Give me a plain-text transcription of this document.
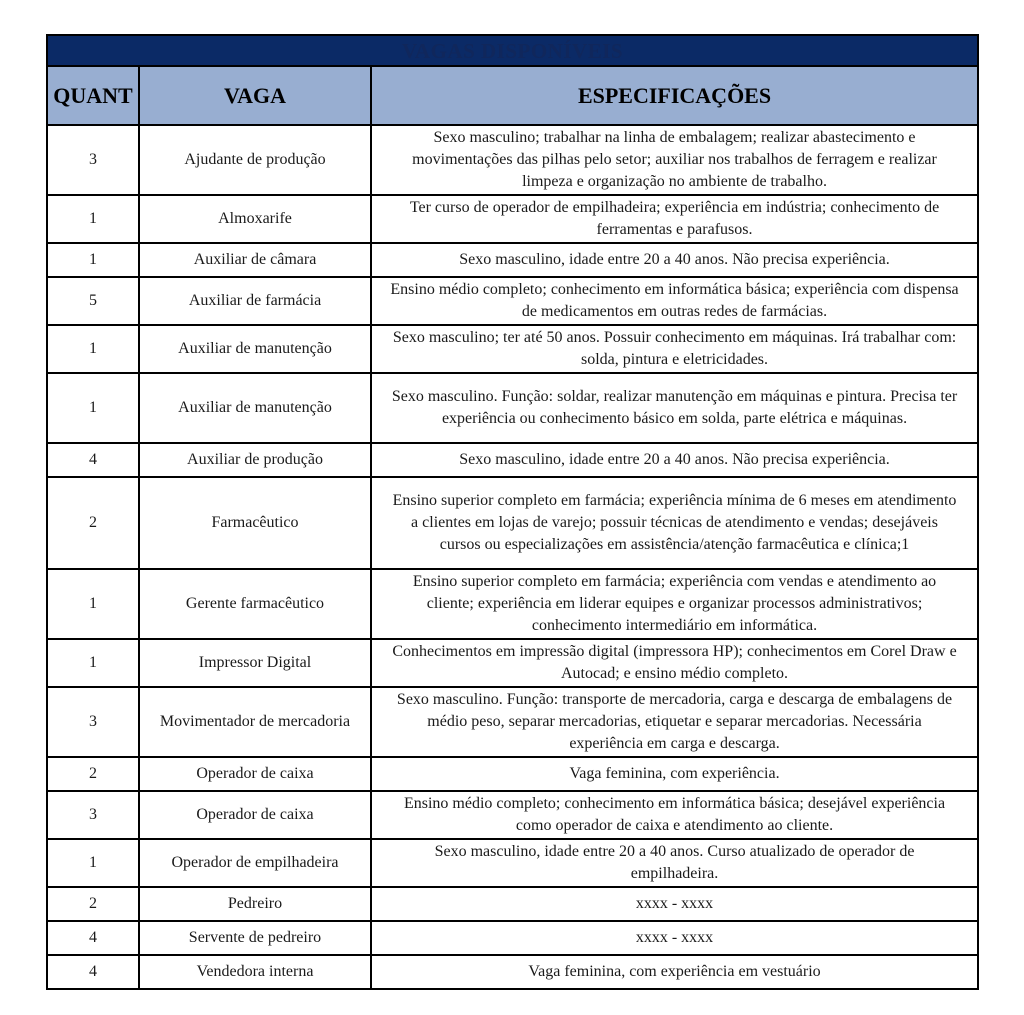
VAGAS DISPONÍVEIS		
QUANT	VAGA	ESPECIFICAÇÕES
3	Ajudante de produção	Sexo masculino; trabalhar na linha de embalagem; realizar abastecimento e movimentações das pilhas pelo setor; auxiliar nos trabalhos de ferragem e realizar limpeza e organização no ambiente de trabalho.
1	Almoxarife	Ter curso de operador de empilhadeira; experiência em indústria; conhecimento de ferramentas e parafusos.
1	Auxiliar de câmara	Sexo masculino, idade entre 20 a 40 anos. Não precisa experiência.
5	Auxiliar de farmácia	Ensino médio completo; conhecimento em informática básica; experiência com dispensa de medicamentos em outras redes de farmácias.
1	Auxiliar de manutenção	Sexo masculino; ter até 50 anos. Possuir conhecimento em máquinas. Irá trabalhar com: solda, pintura e eletricidades.
1	Auxiliar de manutenção	Sexo masculino. Função: soldar, realizar manutenção em máquinas e pintura. Precisa ter experiência ou conhecimento básico em solda, parte elétrica e máquinas.
4	Auxiliar de produção	Sexo masculino, idade entre 20 a 40 anos. Não precisa experiência.
2	Farmacêutico	Ensino superior completo em farmácia; experiência mínima de 6 meses em atendimento a clientes em lojas de varejo; possuir técnicas de atendimento e vendas; desejáveis cursos ou especializações em assistência/atenção farmacêutica e clínica;1
1	Gerente farmacêutico	Ensino superior completo em farmácia; experiência com vendas e atendimento ao cliente; experiência em liderar equipes e organizar processos administrativos; conhecimento intermediário em informática.
1	Impressor Digital	Conhecimentos em impressão digital (impressora HP); conhecimentos em Corel Draw e Autocad; e ensino médio completo.
3	Movimentador de mercadoria	Sexo masculino. Função: transporte de mercadoria, carga e descarga de embalagens de médio peso, separar mercadorias, etiquetar e separar mercadorias. Necessária experiência em carga e descarga.
2	Operador de caixa	Vaga feminina, com experiência.
3	Operador de caixa	Ensino médio completo; conhecimento em informática básica; desejável experiência como operador de caixa e atendimento ao cliente.
1	Operador de empilhadeira	Sexo masculino, idade entre 20 a 40 anos. Curso atualizado de operador de empilhadeira.
2	Pedreiro	xxxx - xxxx
4	Servente de pedreiro	xxxx - xxxx
4	Vendedora interna	Vaga feminina, com experiência em vestuário
